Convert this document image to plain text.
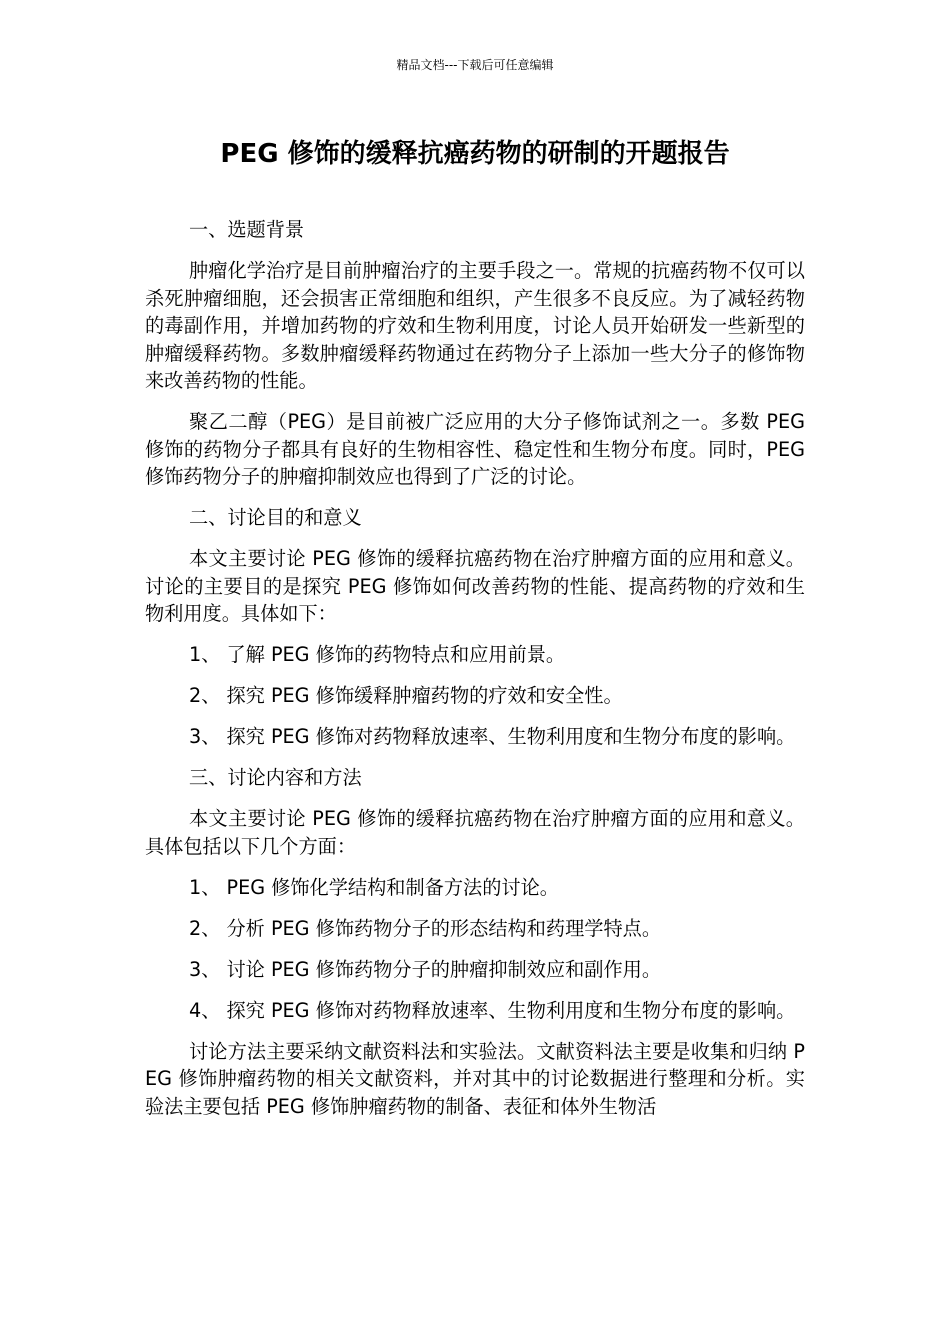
精品文档---下载后可任意编辑
PEG 修饰的缓释抗癌药物的研制的开题报告

一、选题背景

肿瘤化学治疗是目前肿瘤治疗的主要手段之一。常规的抗癌药物不仅可以杀死肿瘤细胞，还会损害正常细胞和组织，产生很多不良反应。为了减轻药物的毒副作用，并增加药物的疗效和生物利用度，讨论人员开始研发一些新型的肿瘤缓释药物。多数肿瘤缓释药物通过在药物分子上添加一些大分子的修饰物来改善药物的性能。

聚乙二醇（PEG）是目前被广泛应用的大分子修饰试剂之一。多数 PEG 修饰的药物分子都具有良好的生物相容性、稳定性和生物分布度。同时，PEG 修饰药物分子的肿瘤抑制效应也得到了广泛的讨论。

二、讨论目的和意义

本文主要讨论 PEG 修饰的缓释抗癌药物在治疗肿瘤方面的应用和意义。讨论的主要目的是探究 PEG 修饰如何改善药物的性能、提高药物的疗效和生物利用度。具体如下：

1、 了解 PEG 修饰的药物特点和应用前景。

2、 探究 PEG 修饰缓释肿瘤药物的疗效和安全性。

3、 探究 PEG 修饰对药物释放速率、生物利用度和生物分布度的影响。

三、讨论内容和方法

本文主要讨论 PEG 修饰的缓释抗癌药物在治疗肿瘤方面的应用和意义。具体包括以下几个方面：

1、 PEG 修饰化学结构和制备方法的讨论。

2、 分析 PEG 修饰药物分子的形态结构和药理学特点。

3、 讨论 PEG 修饰药物分子的肿瘤抑制效应和副作用。

4、 探究 PEG 修饰对药物释放速率、生物利用度和生物分布度的影响。

讨论方法主要采纳文献资料法和实验法。文献资料法主要是收集和归纳 PEG 修饰肿瘤药物的相关文献资料，并对其中的讨论数据进行整理和分析。实验法主要包括 PEG 修饰肿瘤药物的制备、表征和体外生物活
